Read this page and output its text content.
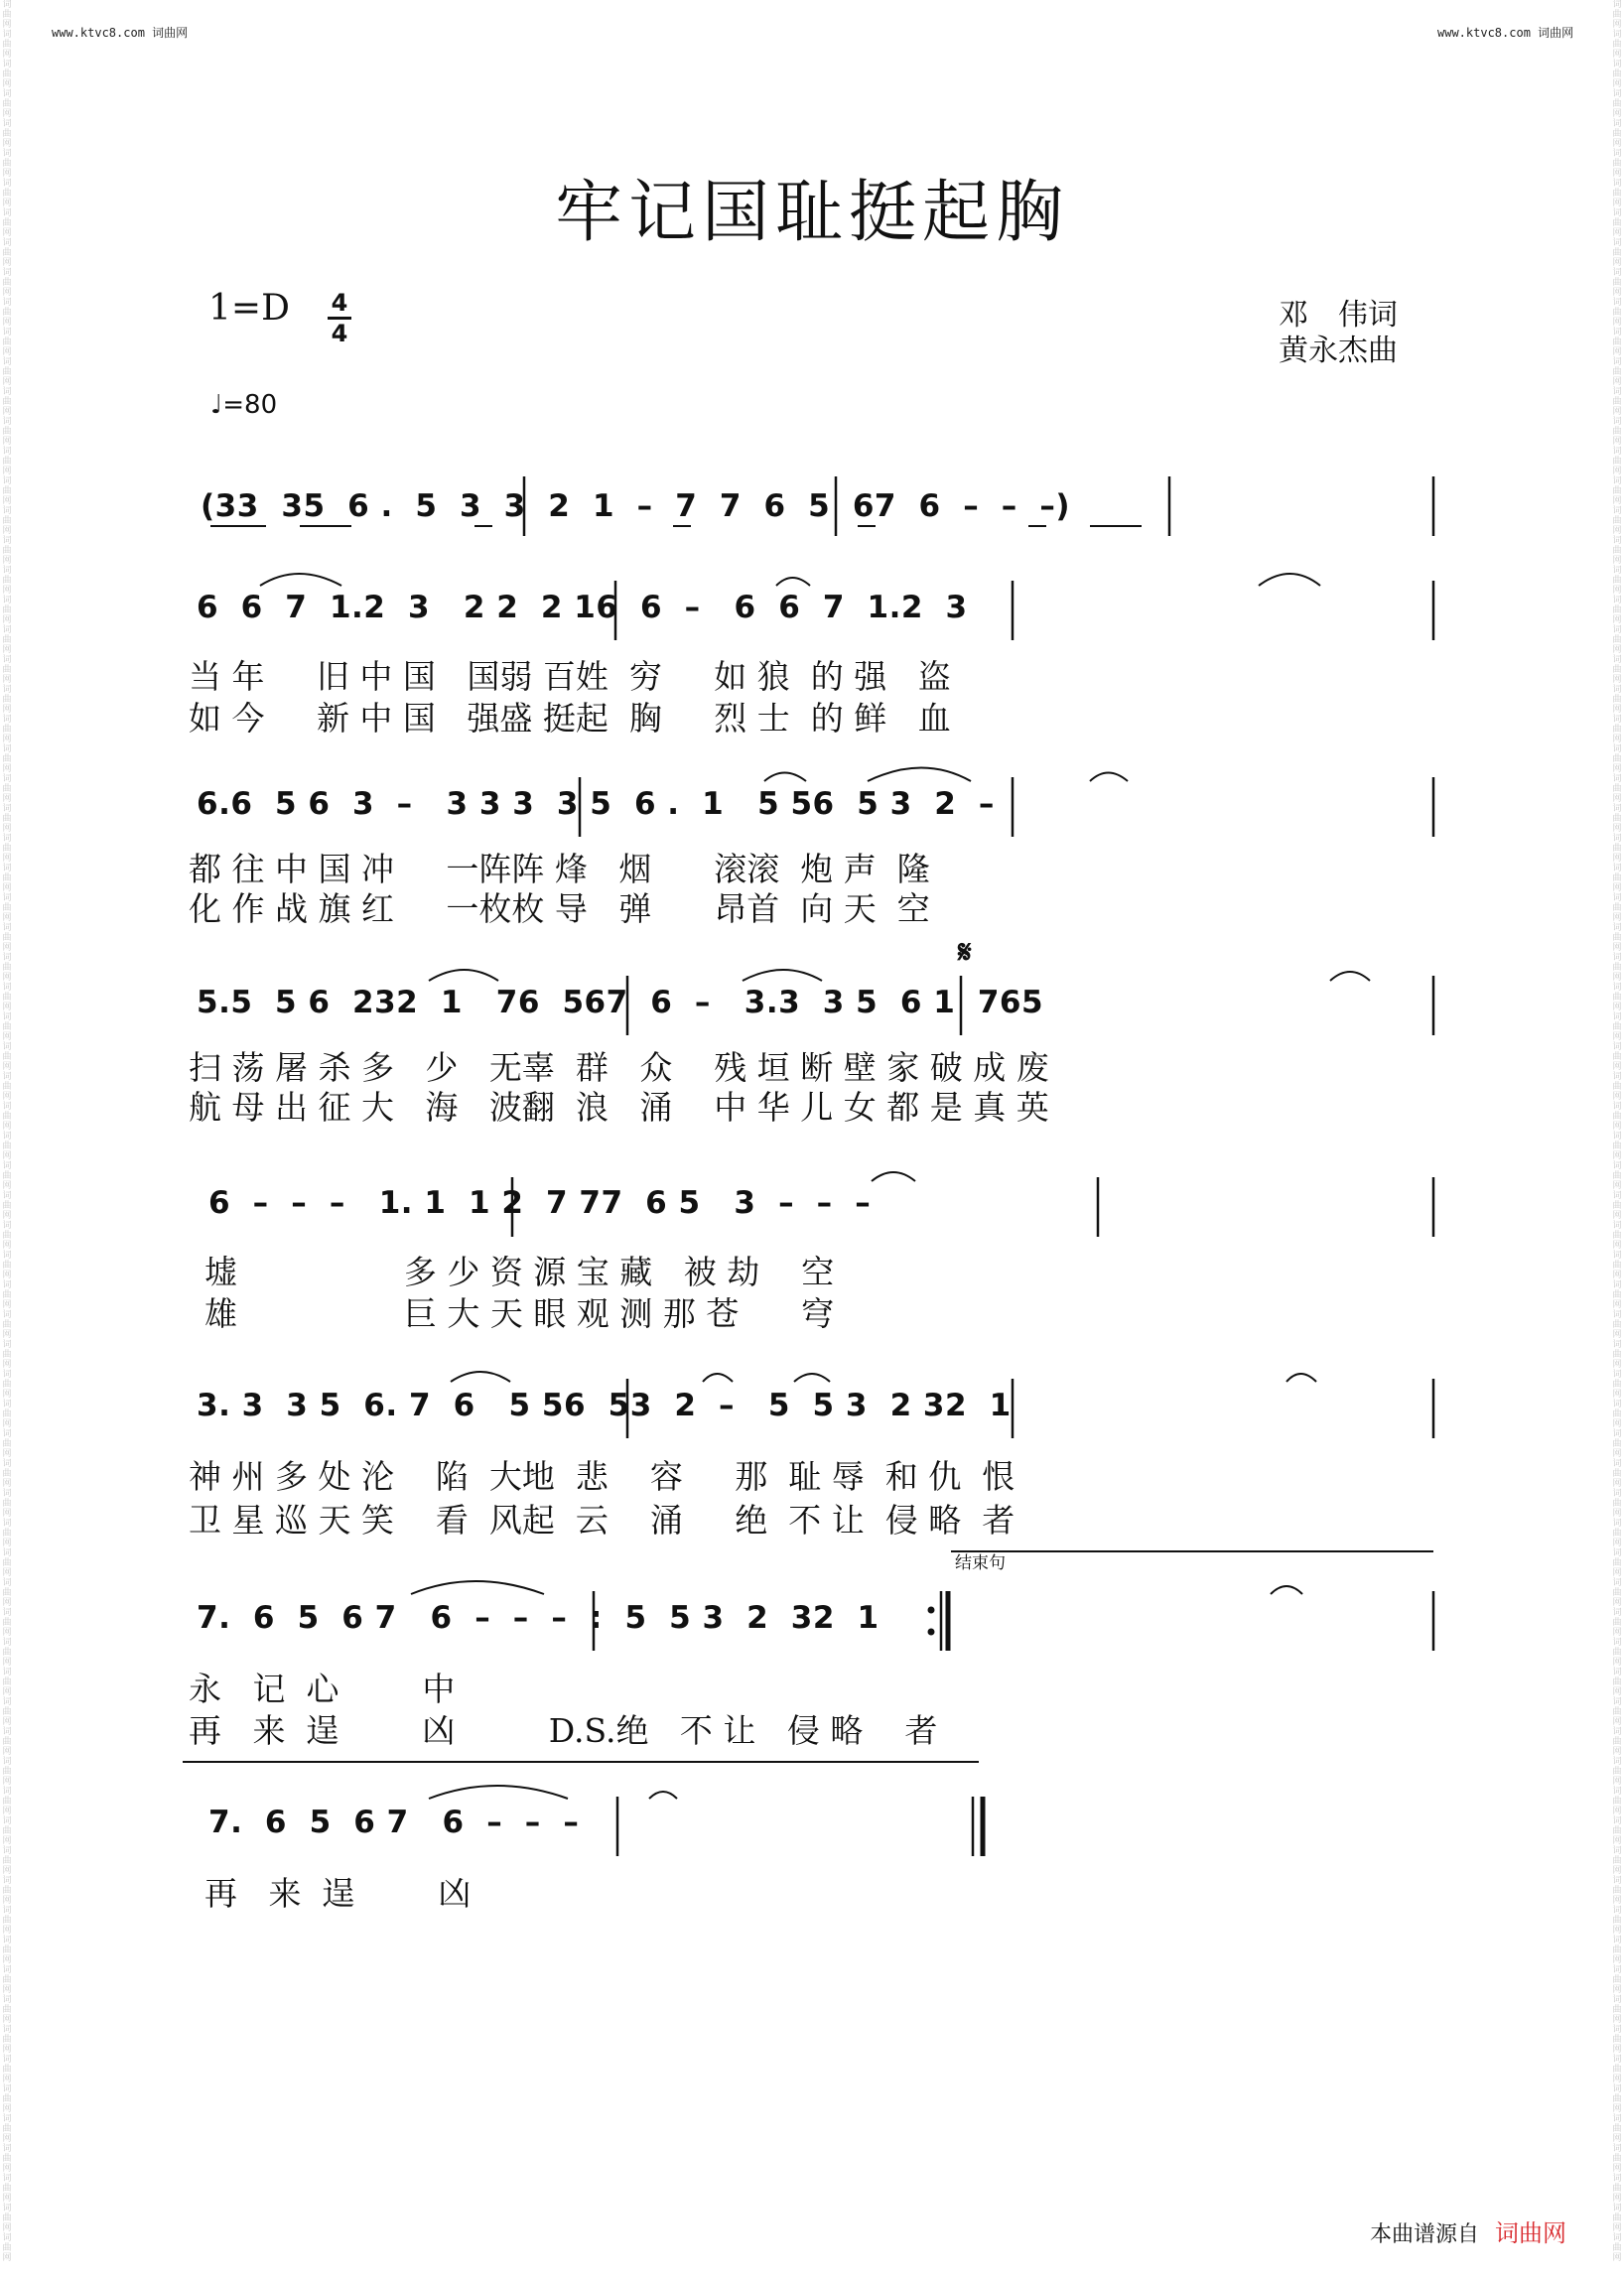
词曲网 词曲网 词曲网 词曲网 词曲网 词曲网 词曲网 词曲网 词曲网 词曲网 词曲网 词曲网 词曲网 词曲网 词曲网 词曲网 词曲网 词曲网 词曲网 词曲网 词曲网 词曲网 词曲网 词曲网 词曲网 词曲网 词曲网 词曲网 词曲网 词曲网 词曲网 词曲网 词曲网 词曲网 词曲网 词曲网 词曲网 词曲网 词曲网 词曲网 词曲网 词曲网 词曲网 词曲网 词曲网 词曲网 词曲网 词曲网 词曲网 词曲网 词曲网 词曲网 词曲网 词曲网 词曲网 词曲网 词曲网 词曲网 词曲网 词曲网 词曲网 词曲网 词曲网 词曲网 词曲网 词曲网 词曲网 词曲网 词曲网 词曲网 词曲网 词曲网 词曲网 词曲网 词曲网 词曲网
词曲网 词曲网 词曲网 词曲网 词曲网 词曲网 词曲网 词曲网 词曲网 词曲网 词曲网 词曲网 词曲网 词曲网 词曲网 词曲网 词曲网 词曲网 词曲网 词曲网 词曲网 词曲网 词曲网 词曲网 词曲网 词曲网 词曲网 词曲网 词曲网 词曲网 词曲网 词曲网 词曲网 词曲网 词曲网 词曲网 词曲网 词曲网 词曲网 词曲网 词曲网 词曲网 词曲网 词曲网 词曲网 词曲网 词曲网 词曲网 词曲网 词曲网 词曲网 词曲网 词曲网 词曲网 词曲网 词曲网 词曲网 词曲网 词曲网 词曲网 词曲网 词曲网 词曲网 词曲网 词曲网 词曲网 词曲网 词曲网 词曲网 词曲网 词曲网 词曲网 词曲网 词曲网 词曲网 词曲网
www.ktvc8.com 词曲网	www.ktvc8.com 词曲网
牢记国耻挺起胸
1=D 4
4
邓　伟词
黄永杰曲
♩=80
(33  35  6 .  5  3  3  2  1  –  7  7  6  5  67  6  –  –  –)
6  6  7  1.2  3   2 2  2 16  6  –   6  6  7  1.2  3
当 年     旧 中 国   国弱 百姓  穷     如 狼  的 强   盗
如 今     新 中 国   强盛 挺起  胸     烈 士  的 鲜   血
6.6  5 6  3  –   3 3 3  3 5  6 .  1   5 56  5 3  2  –
都 往 中 国 冲     一阵阵 烽   烟      滚滚  炮 声  隆
化 作 战 旗 红     一枚枚 导   弹      昂首  向 天  空
𝄋
5.5  5 6  232  1   76  567  6  –   3.3  3 5  6 1  765
扫 荡 屠 杀 多   少   无辜  群   众    残 垣 断 壁 家 破 成 废
航 母 出 征 大   海   波翻  浪   涌    中 华 儿 女 都 是 真 英
6  –  –  –   1. 1  1 2  7 77  6 5   3  –  –  –
墟                多 少 资 源 宝 藏   被 劫    空
雄                巨 大 天 眼 观 测 那 苍      穹
3. 3  3 5  6. 7  6   5 56  53  2  –   5  5 3  2 32  1
神 州 多 处 沦    陷  大地  悲    容     那  耻 辱  和 仇  恨
卫 星 巡 天 笑    看  风起  云    涌     绝  不 让  侵 略  者
结束句
7.  6  5  6 7   6  –  –  –  :  5  5 3  2  32  1
永   记  心        中
再   来  逞        凶         D.S.绝   不 让   侵 略    者
7.  6  5  6 7   6  –  –  –
再   来  逞        凶
本曲谱源自 词曲网
